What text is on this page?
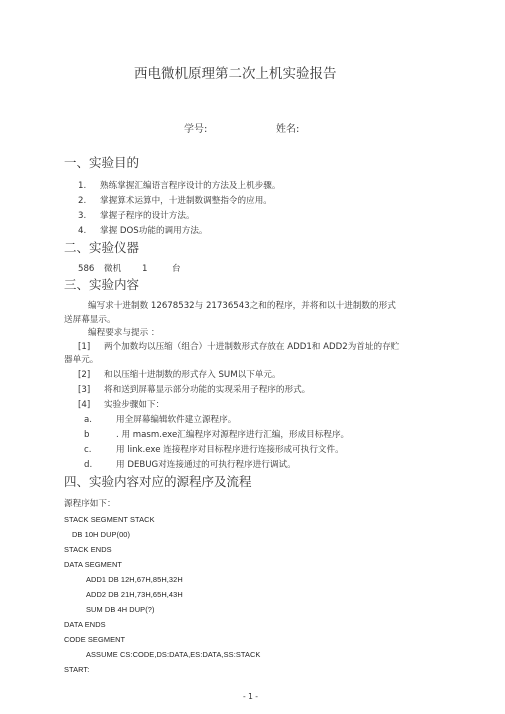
西电微机原理第二次上机实验报告
学号:	姓名:
一、实验目的
1. 熟练掌握汇编语言程序设计的方法及上机步骤。
2. 掌握算术运算中，十进制数调整指令的应用。
3. 掌握子程序的设计方法。
4. 掌握 DOS功能的调用方法。
二、实验仪器
586 微机 1	台
三、实验内容
编写求十进制数 12678532与 21736543之和的程序，并将和以十进制数的形式
送屏幕显示。
编程要求与提示 ：
[1] 两个加数均以压缩（组合）十进制数形式存放在 ADD1和 ADD2为首址的存贮
器单元。
[2] 和以压缩十进制数的形式存入 SUM以下单元。
[3] 将和送到屏幕显示部分功能的实现采用子程序的形式。
[4] 实验步骤如下：
a.	用全屏幕编辑软件建立源程序。
b	. 用 masm.exe汇编程序对源程序进行汇编，形成目标程序。
c.	用 link.exe 连接程序对目标程序进行连接形成可执行文件。
d.	用 DEBUG对连接通过的可执行程序进行调试。
四、实验内容对应的源程序及流程
源程序如下：
STACK SEGMENT STACK
DB 10H DUP(00)
STACK ENDS
DATA SEGMENT
ADD1 DB 12H,67H,85H,32H
ADD2 DB 21H,73H,65H,43H
SUM DB 4H DUP(?)
DATA ENDS
CODE SEGMENT
ASSUME CS:CODE,DS:DATA,ES:DATA,SS:STACK
START:
- 1 -
